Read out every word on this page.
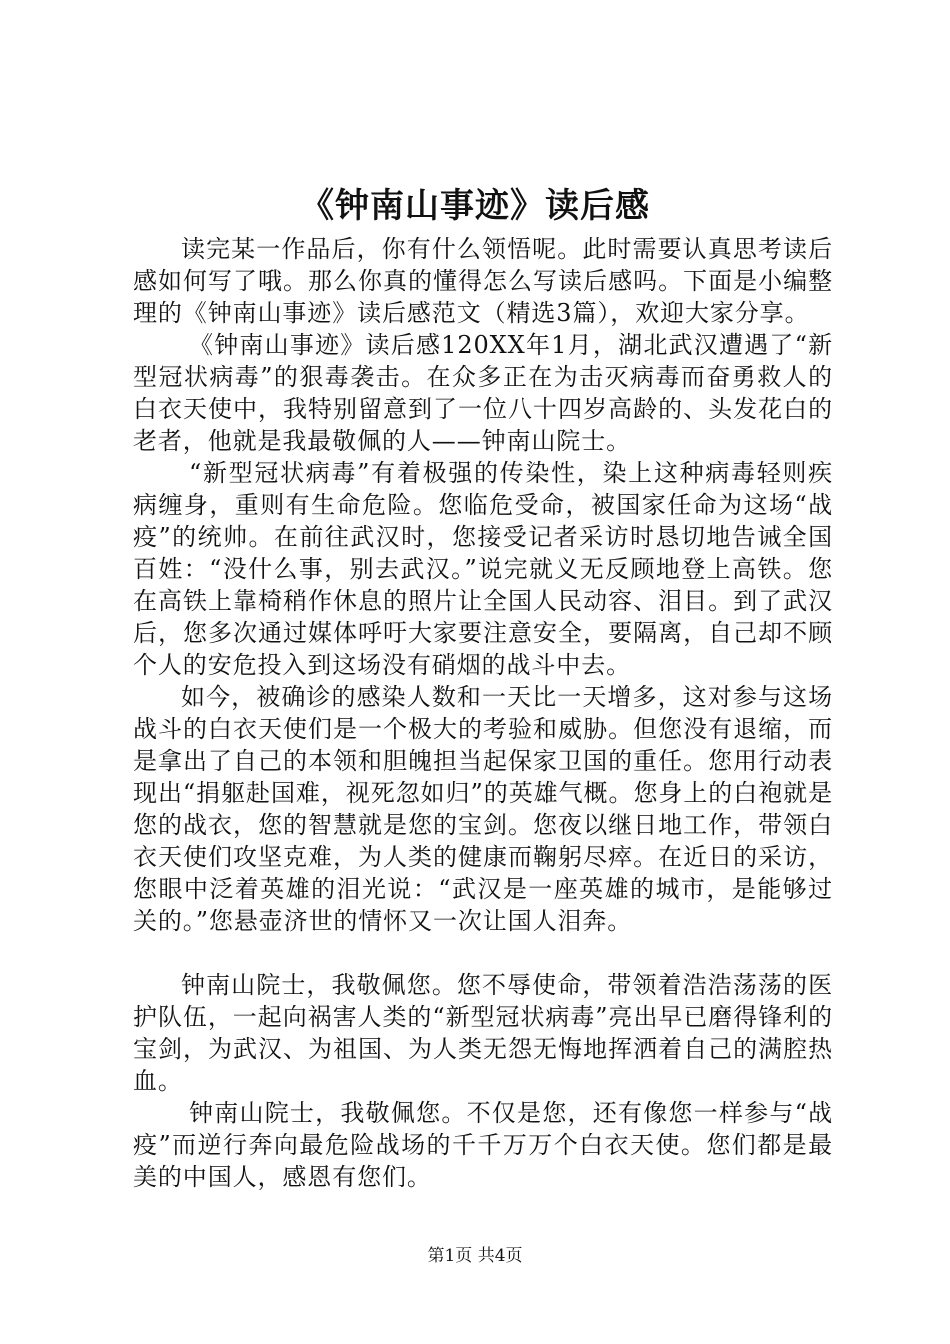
《钟南山事迹》读后感

读完某一作品后，你有什么领悟呢。此时需要认真思考读后感如何写了哦。那么你真的懂得怎么写读后感吗。下面是小编整理的《钟南山事迹》读后感范文（精选3篇），欢迎大家分享。

《钟南山事迹》读后感120XX年1月，湖北武汉遭遇了“新型冠状病毒”的狠毒袭击。在众多正在为击灭病毒而奋勇救人的白衣天使中，我特别留意到了一位八十四岁高龄的、头发花白的老者，他就是我最敬佩的人——钟南山院士。

“新型冠状病毒”有着极强的传染性，染上这种病毒轻则疾病缠身，重则有生命危险。您临危受命，被国家任命为这场“战疫”的统帅。在前往武汉时，您接受记者采访时恳切地告诫全国百姓：“没什么事，别去武汉。”说完就义无反顾地登上高铁。您在高铁上靠椅稍作休息的照片让全国人民动容、泪目。到了武汉后，您多次通过媒体呼吁大家要注意安全，要隔离，自己却不顾个人的安危投入到这场没有硝烟的战斗中去。

如今，被确诊的感染人数和一天比一天增多，这对参与这场战斗的白衣天使们是一个极大的考验和威胁。但您没有退缩，而是拿出了自己的本领和胆魄担当起保家卫国的重任。您用行动表现出“捐躯赴国难，视死忽如归”的英雄气概。您身上的白袍就是您的战衣，您的智慧就是您的宝剑。您夜以继日地工作，带领白衣天使们攻坚克难，为人类的健康而鞠躬尽瘁。在近日的采访，您眼中泛着英雄的泪光说：“武汉是一座英雄的城市，是能够过关的。”您悬壶济世的情怀又一次让国人泪奔。

钟南山院士，我敬佩您。您不辱使命，带领着浩浩荡荡的医护队伍，一起向祸害人类的“新型冠状病毒”亮出早已磨得锋利的宝剑，为武汉、为祖国、为人类无怨无悔地挥洒着自己的满腔热血。

钟南山院士，我敬佩您。不仅是您，还有像您一样参与“战疫”而逆行奔向最危险战场的千千万万个白衣天使。您们都是最美的中国人，感恩有您们。

第1页 共4页
